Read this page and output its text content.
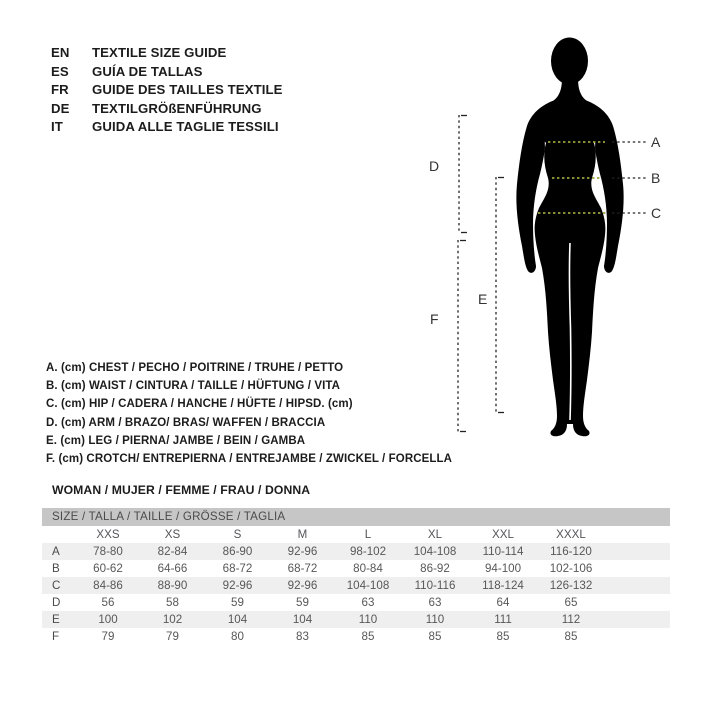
EN	TEXTILE SIZE GUIDE
ES	GUÍA DE TALLAS
FR	GUIDE DES TAILLES TEXTILE
DE	TEXTILGRÖßENFÜHRUNG
IT	GUIDA ALLE TAGLIE TESSILI
A
B
C
D
E
F
A. (cm) CHEST / PECHO / POITRINE / TRUHE / PETTO
B. (cm) WAIST / CINTURA / TAILLE / HÜFTUNG / VITA
C. (cm) HIP / CADERA / HANCHE / HÜFTE / HIPSD. (cm)
D. (cm) ARM / BRAZO/ BRAS/ WAFFEN / BRACCIA
E. (cm) LEG / PIERNA/ JAMBE / BEIN / GAMBA
F. (cm) CROTCH/ ENTREPIERNA / ENTREJAMBE / ZWICKEL / FORCELLA
WOMAN / MUJER / FEMME / FRAU / DONNA
SIZE / TALLA / TAILLE / GRÖSSE / TAGLIA
	XXS	XS	S	M	L	XL	XXL	XXXL	
A	78-80	82-84	86-90	92-96	98-102	104-108	110-114	116-120	
B	60-62	64-66	68-72	68-72	80-84	86-92	94-100	102-106	
C	84-86	88-90	92-96	92-96	104-108	110-116	118-124	126-132	
D	56	58	59	59	63	63	64	65	
E	100	102	104	104	110	110	111	112	
F	79	79	80	83	85	85	85	85	
